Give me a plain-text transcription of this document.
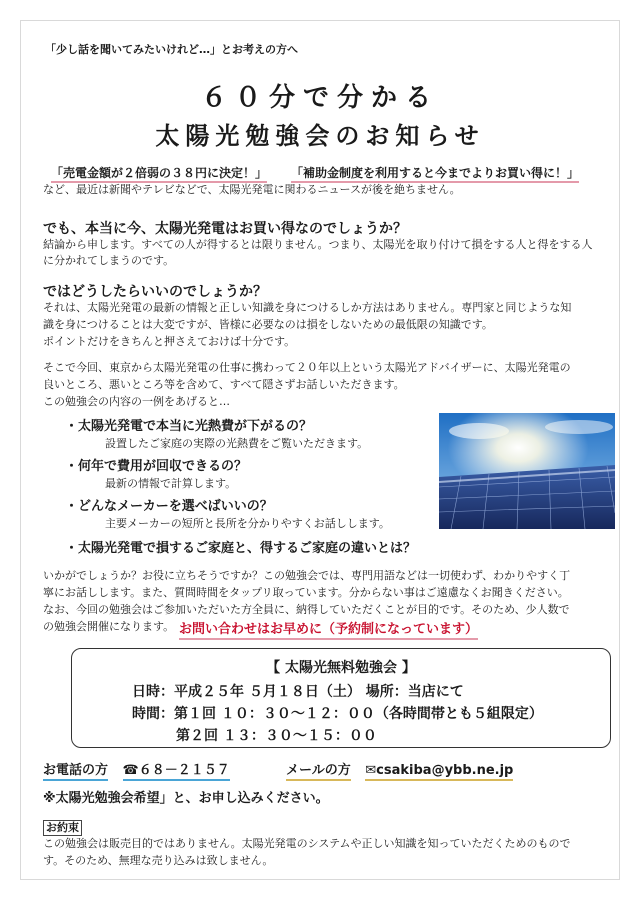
「少し話を聞いてみたいけれど…」とお考えの方へ
６０分で分かる
太陽光勉強会のお知らせ
「売電金額が２倍弱の３８円に決定！」 「補助金制度を利用すると今までよりお買い得に！」
など、最近は新聞やテレビなどで、太陽光発電に関わるニュースが後を絶ちません。
でも、本当に今、太陽光発電はお買い得なのでしょうか？
結論から申します。すべての人が得するとは限りません。つまり、太陽光を取り付けて損をする人と得をする人
に分かれてしまうのです。
ではどうしたらいいのでしょうか？
それは、太陽光発電の最新の情報と正しい知識を身につけるしか方法はありません。専門家と同じような知
識を身につけることは大変ですが、皆様に必要なのは損をしないための最低限の知識です。
ポイントだけをきちんと押さえておけば十分です。
そこで今回、東京から太陽光発電の仕事に携わって２０年以上という太陽光アドバイザーに、太陽光発電の
良いところ、悪いところ等を含めて、すべて隠さずお話しいただきます。
この勉強会の内容の一例をあげると…
・太陽光発電で本当に光熱費が下がるの？
設置したご家庭の実際の光熱費をご覧いただきます。
・何年で費用が回収できるの？
最新の情報で計算します。
・どんなメーカーを選べばいいの？
主要メーカーの短所と長所を分かりやすくお話しします。
・太陽光発電で損するご家庭と、得するご家庭の違いとは？
いかがでしょうか？お役に立ちそうですか？この勉強会では、専門用語などは一切使わず、わかりやすく丁
寧にお話しします。また、質問時間をタップリ取っています。分からない事はご遠慮なくお聞きください。
なお、今回の勉強会はご参加いただいた方全員に、納得していただくことが目的です。そのため、少人数で
の勉強会開催になります。 お問い合わせはお早めに（予約制になっています）
【 太陽光無料勉強会 】
日時：平成２５年 ５月１８日（土） 場所：当店にて
時間：第１回 １０：３０～１２：００（各時間帯とも５組限定）
第２回 １３：３０～１５：００
お電話の方 ☎６８－２１５７	メールの方 ✉csakiba@ybb.ne.jp
※太陽光勉強会希望」と、お申し込みください。
お約束
この勉強会は販売目的ではありません。太陽光発電のシステムや正しい知識を知っていただくためのもので
す。そのため、無理な売り込みは致しません。
